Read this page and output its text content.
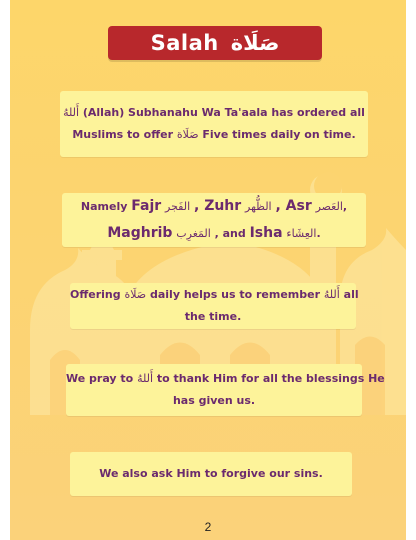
Salah صَلَاة
أَللهُ (Allah) Subhanahu Wa Ta'aala has ordered all
Muslims to offer صَلَاة Five times daily on time.
Namely Fajr الفَجر , Zuhr الظُّهر , Asr العَصر,
Maghrib المَغرِب , and Isha العِشَاء.
Offering صَلَاة daily helps us to remember أَللهُ all
the time.
We pray to أَللهُ to thank Him for all the blessings He
has given us.
We also ask Him to forgive our sins.
2
